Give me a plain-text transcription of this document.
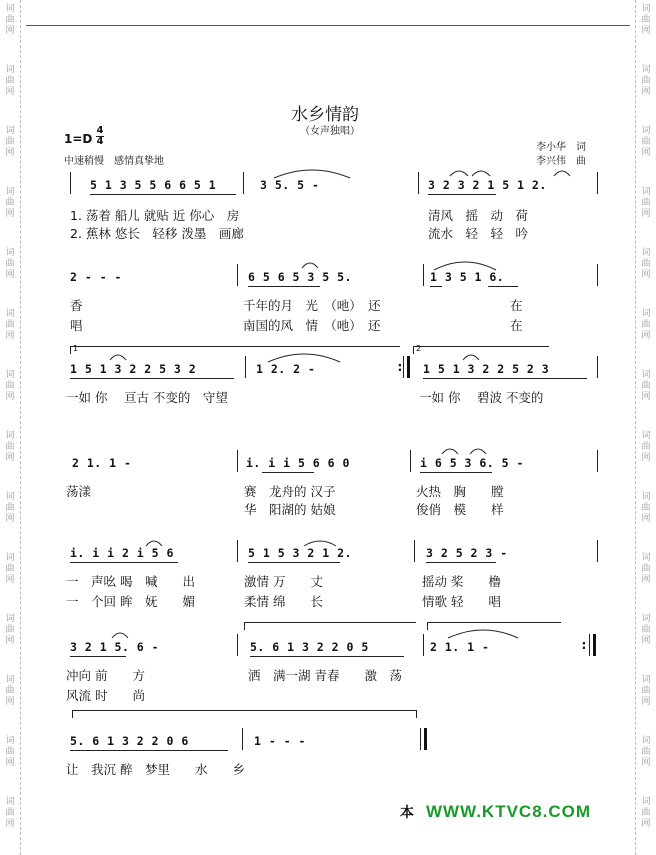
词
曲
网
词
曲
网
词
曲
网
词
曲
网
词
曲
网
词
曲
网
词
曲
网
词
曲
网
词
曲
网
词
曲
网
词
曲
网
词
曲
网
词
曲
网
词
曲
网
词
曲
网
词
曲
网
词
曲
网
词
曲
网
词
曲
网
词
曲
网
词
曲
网
词
曲
网
词
曲
网
词
曲
网
词
曲
网
词
曲
网
词
曲
网
词
曲
网
水乡情韵
（女声独唱）
1=D
4
4
中速稍慢　感情真挚地
李小华　词
李兴伟　曲
5 1 3 5 5 6 6 5 1	3 5. 5 -	3 2 3 2 1 5 1 2.
1. 荡着 船儿 就贴 近 你心　房	清风　摇　动　荷
2. 蕉林 悠长　轻移 泼墨　画廊	流水　轻　轻　吟
2 - - -	6 5 6 5 3 5 5.	1 3 5 1 6.
香	千年的月　光　（吔）　还	在
唱	南国的风　情　（吔）　还	在
1	2
1 5 1 3 2 2 5 3 2	1 2. 2 -	: 1 5 1 3 2 2 5 2 3
一如 你　 亘古 不变的　守望	一如 你　 碧波 不变的
2 1. 1 -	i. i i 5 6 6 0	i 6 5 3 6. 5 -
荡漾	赛　龙舟的 汉子	火热　胸　　膛
华　阳湖的 姑娘	俊俏　模　　样
i. i i 2 i 5 6	5 1 5 3 2 1 2.	3 2 5 2 3 -
一　声吆 喝　喊　　出	激情 万　　丈	摇动 桨　　橹
一　个回 眸　妩　　媚	柔情 绵　　长	情歌 轻　　唱
3 2 1 5. 6 -	5. 6 1 3 2 2 0 5	2 1. 1 -	:
冲向 前　　方	洒　满一湖 青春　　激　荡
风流 时　　尚
5. 6 1 3 2 2 0 6	1 - - -
让　我沉 醉　梦里　　水　　乡
本 WWW.KTVC8.COM
